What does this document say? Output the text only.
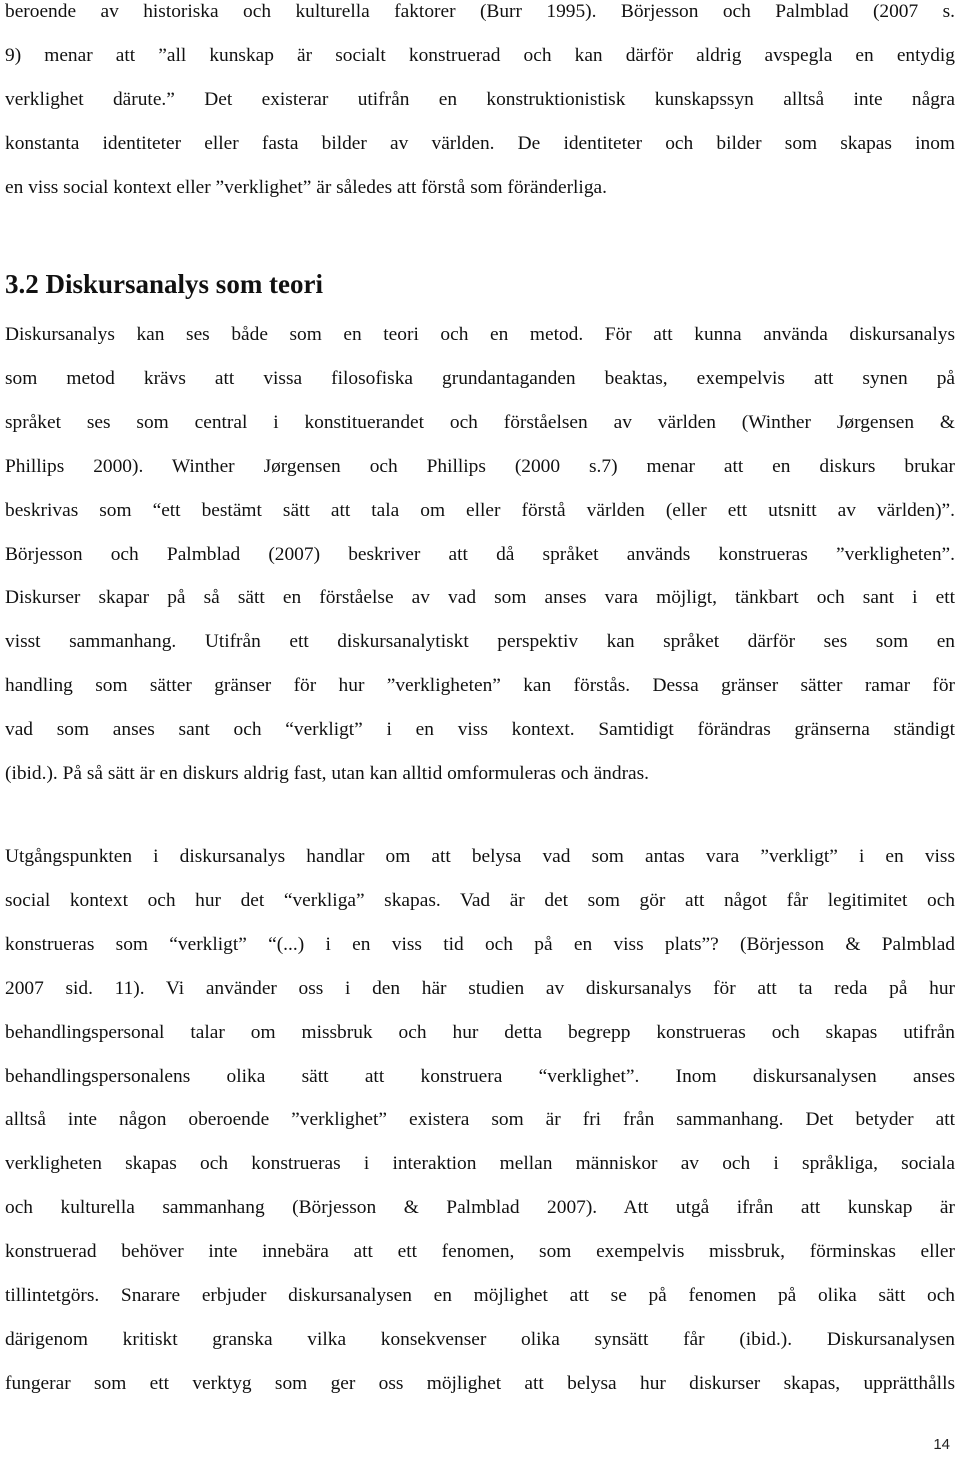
beroende av historiska och kulturella faktorer (Burr 1995). Börjesson och Palmblad (2007 s.
9) menar att ”all kunskap är socialt konstruerad och kan därför aldrig avspegla en entydig
verklighet därute.” Det existerar utifrån en konstruktionistisk kunskapssyn alltså inte några
konstanta identiteter eller fasta bilder av världen. De identiteter och bilder som skapas inom
en viss social kontext eller ”verklighet” är således att förstå som föränderliga.

3.2 Diskursanalys som teori

Diskursanalys kan ses både som en teori och en metod. För att kunna använda diskursanalys
som metod krävs att vissa filosofiska grundantaganden beaktas, exempelvis att synen på
språket ses som central i konstituerandet och förståelsen av världen (Winther Jørgensen &
Phillips 2000). Winther Jørgensen och Phillips (2000 s.7) menar att en diskurs brukar
beskrivas som “ett bestämt sätt att tala om eller förstå världen (eller ett utsnitt av världen)”.
Börjesson och Palmblad (2007) beskriver att då språket används konstrueras ”verkligheten”.
Diskurser skapar på så sätt en förståelse av vad som anses vara möjligt, tänkbart och sant i ett
visst sammanhang. Utifrån ett diskursanalytiskt perspektiv kan språket därför ses som en
handling som sätter gränser för hur ”verkligheten” kan förstås. Dessa gränser sätter ramar för
vad som anses sant och “verkligt” i en viss kontext. Samtidigt förändras gränserna ständigt
(ibid.). På så sätt är en diskurs aldrig fast, utan kan alltid omformuleras och ändras.

Utgångspunkten i diskursanalys handlar om att belysa vad som antas vara ”verkligt” i en viss
social kontext och hur det “verkliga” skapas. Vad är det som gör att något får legitimitet och
konstrueras som “verkligt” “(...) i en viss tid och på en viss plats”? (Börjesson & Palmblad
2007 sid. 11). Vi använder oss i den här studien av diskursanalys för att ta reda på hur
behandlingspersonal talar om missbruk och hur detta begrepp konstrueras och skapas utifrån
behandlingspersonalens olika sätt att konstruera “verklighet”. Inom diskursanalysen anses
alltså inte någon oberoende ”verklighet” existera som är fri från sammanhang. Det betyder att
verkligheten skapas och konstrueras i interaktion mellan människor av och i språkliga, sociala
och kulturella sammanhang (Börjesson & Palmblad 2007). Att utgå ifrån att kunskap är
konstruerad behöver inte innebära att ett fenomen, som exempelvis missbruk, förminskas eller
tillintetgörs. Snarare erbjuder diskursanalysen en möjlighet att se på fenomen på olika sätt och
därigenom kritiskt granska vilka konsekvenser olika synsätt får (ibid.). Diskursanalysen
fungerar som ett verktyg som ger oss möjlighet att belysa hur diskurser skapas, upprätthålls

14
